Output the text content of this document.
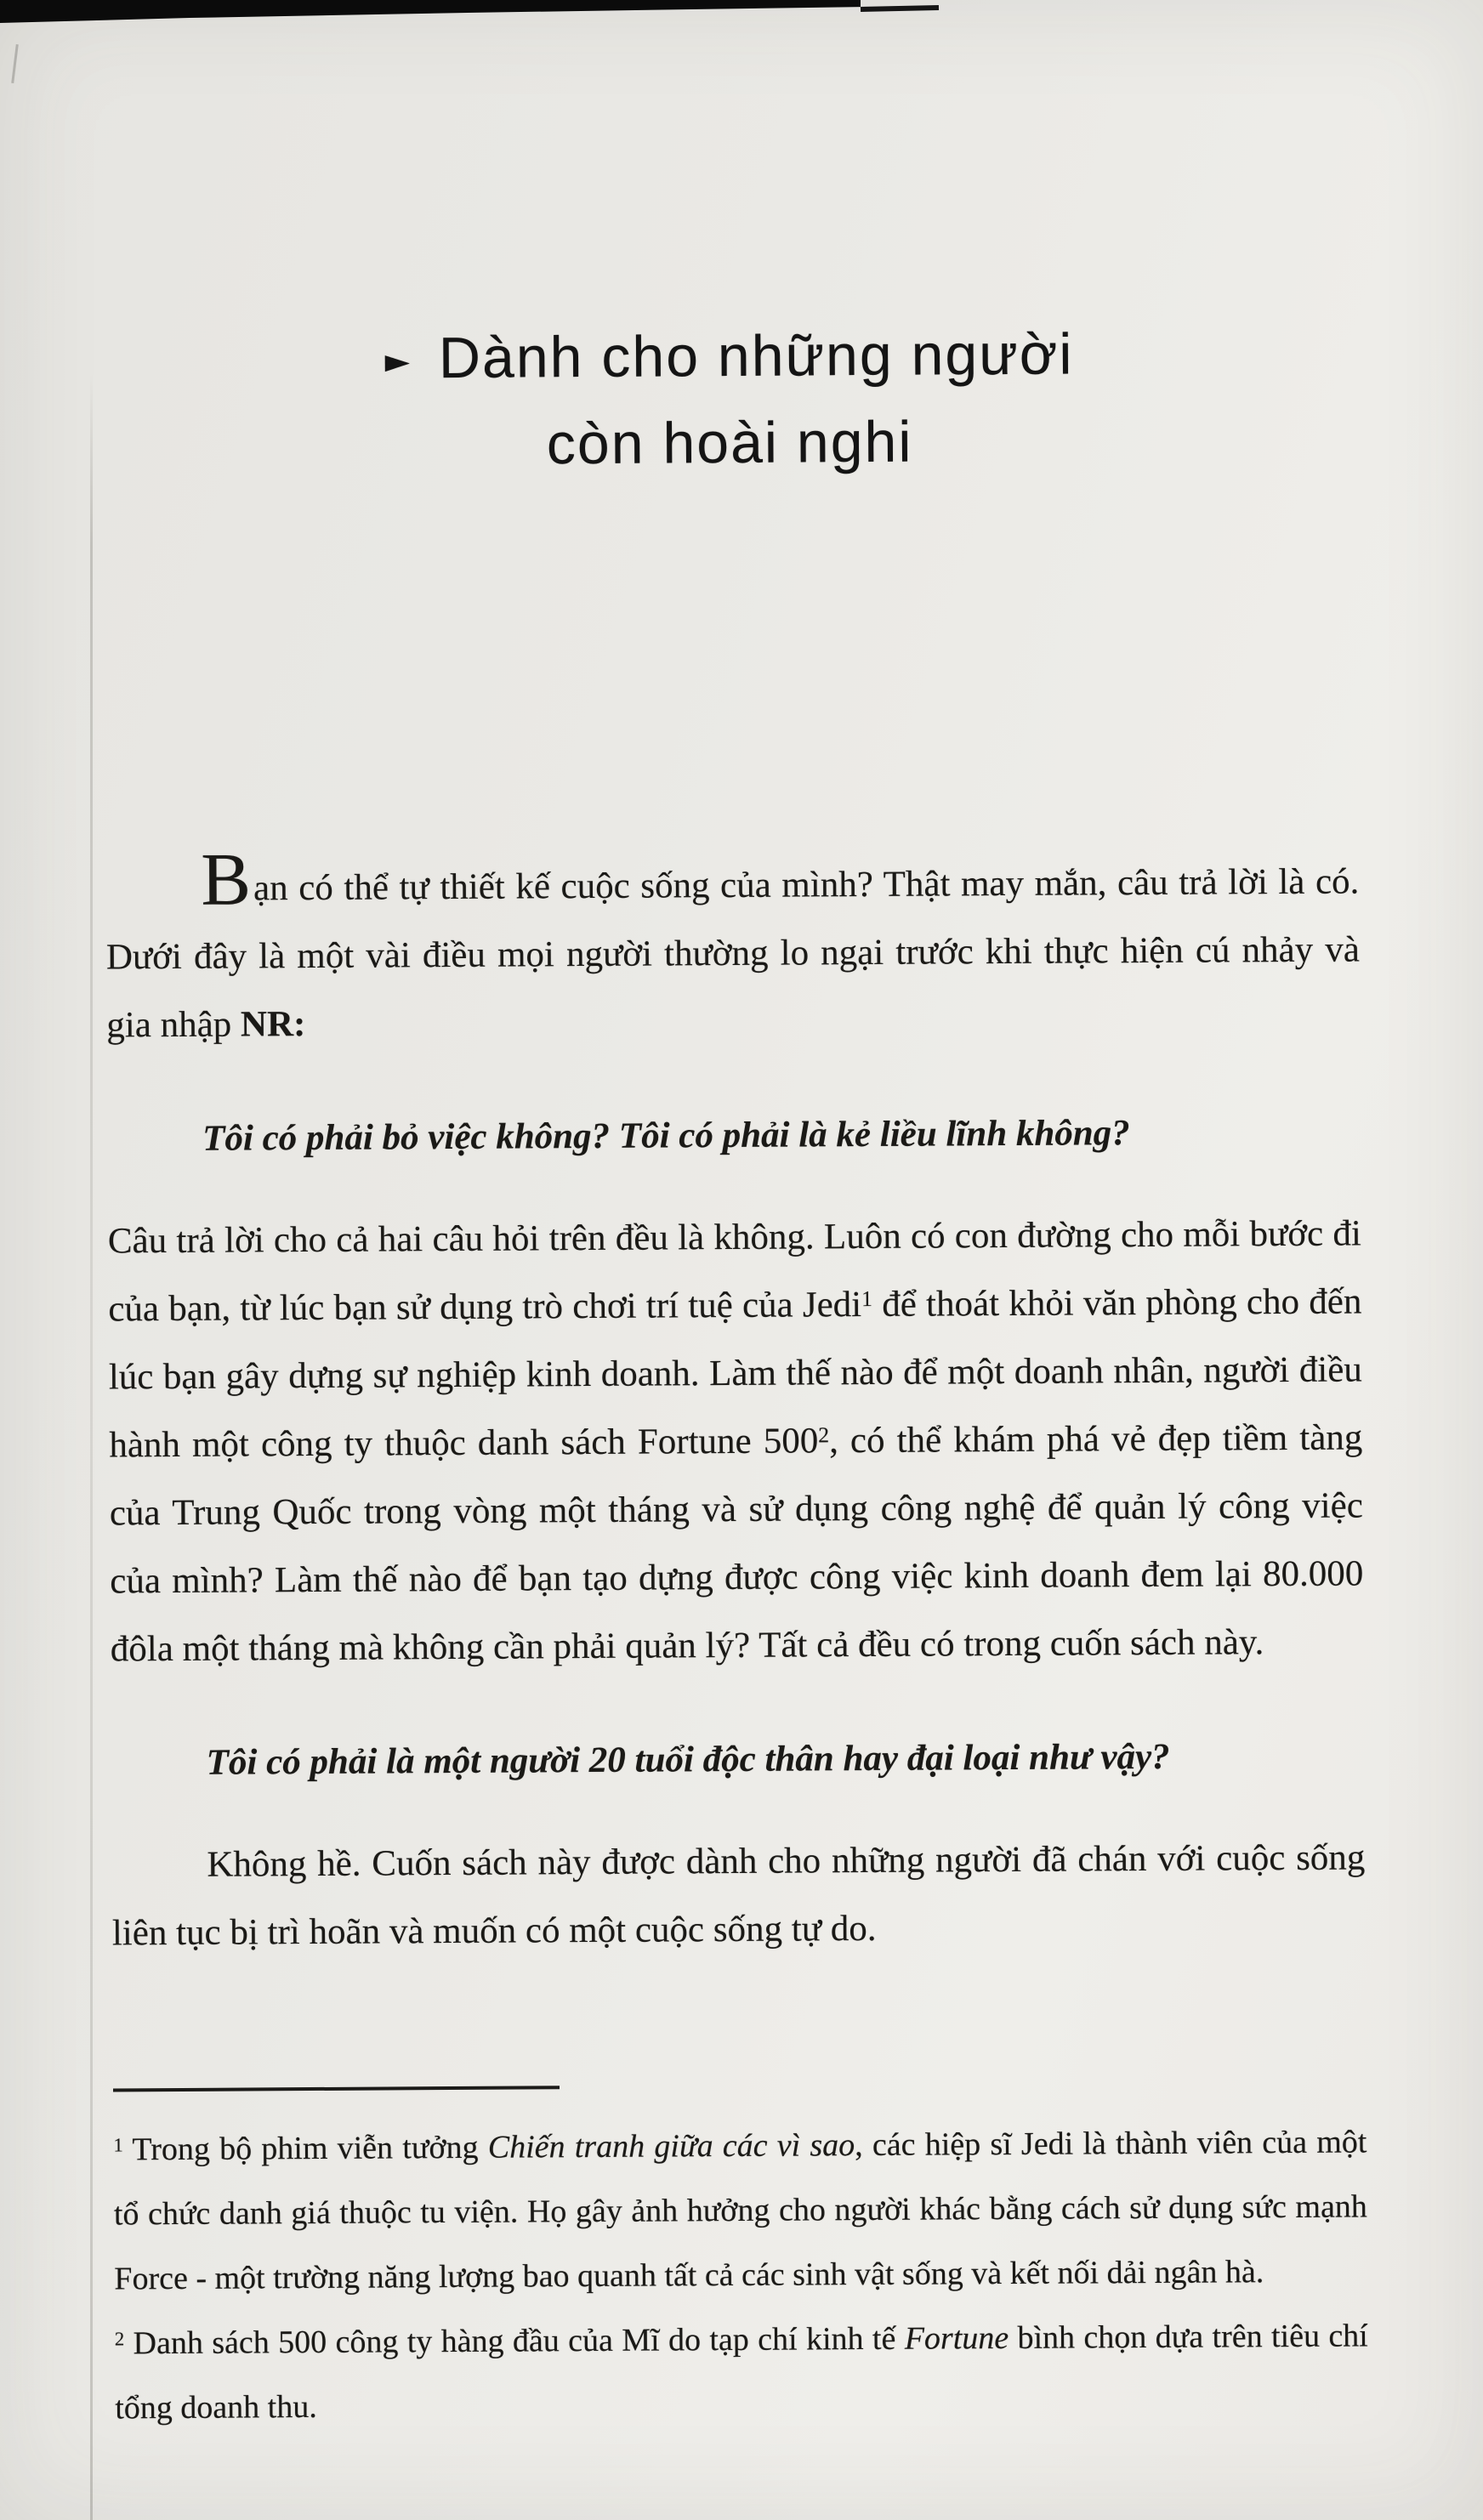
► Dành cho những người
còn hoài nghi

Bạn có thể tự thiết kế cuộc sống của mình? Thật may mắn, câu trả lời là có. Dưới đây là một vài điều mọi người thường lo ngại trước khi thực hiện cú nhảy và gia nhập NR:

Tôi có phải bỏ việc không? Tôi có phải là kẻ liều lĩnh không?

Câu trả lời cho cả hai câu hỏi trên đều là không. Luôn có con đường cho mỗi bước đi của bạn, từ lúc bạn sử dụng trò chơi trí tuệ của Jedi$^1$ để thoát khỏi văn phòng cho đến lúc bạn gây dựng sự nghiệp kinh doanh. Làm thế nào để một doanh nhân, người điều hành một công ty thuộc danh sách Fortune $500^2$, có thể khám phá vẻ đẹp tiềm tàng của Trung Quốc trong vòng một tháng và sử dụng công nghệ để quản lý công việc của mình? Làm thế nào để bạn tạo dựng được công việc kinh doanh đem lại 80.000 đôla một tháng mà không cần phải quản lý? Tất cả đều có trong cuốn sách này.

Tôi có phải là một người 20 tuổi độc thân hay đại loại như vậy?

Không hề. Cuốn sách này được dành cho những người đã chán với cuộc sống liên tục bị trì hoãn và muốn có một cuộc sống tự do.

$^1$ Trong bộ phim viễn tưởng Chiến tranh giữa các vì sao, các hiệp sĩ Jedi là thành viên của một tổ chức danh giá thuộc tu viện. Họ gây ảnh hưởng cho người khác bằng cách sử dụng sức mạnh Force - một trường năng lượng bao quanh tất cả các sinh vật sống và kết nối dải ngân hà.

$^2$ Danh sách 500 công ty hàng đầu của Mĩ do tạp chí kinh tế Fortune bình chọn dựa trên tiêu chí tổng doanh thu.
